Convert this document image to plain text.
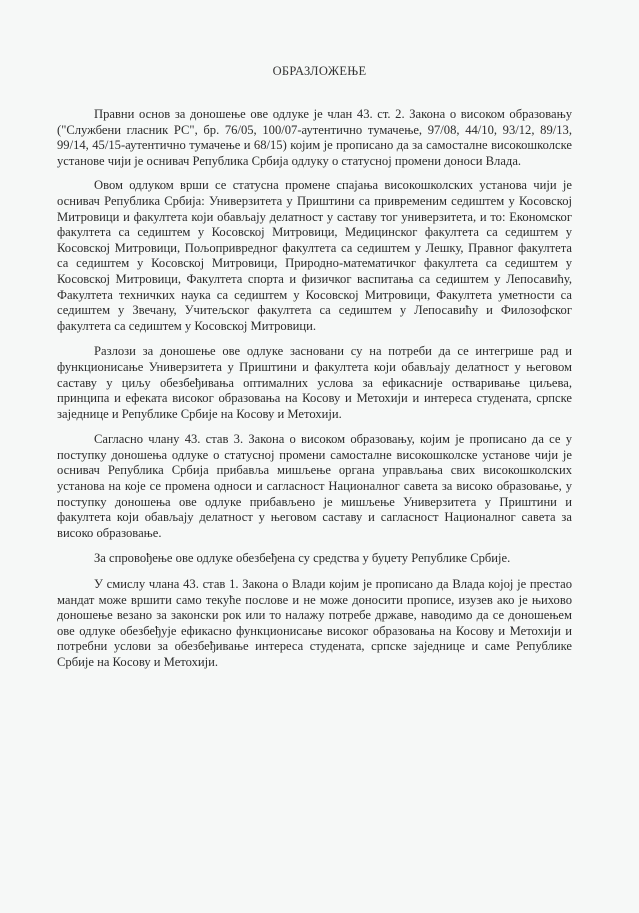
ОБРАЗЛОЖЕЊЕ

Правни основ за доношење ове одлуке је члан 43. ст. 2. Закона о високом образовању ("Службени гласник РС", бр. 76/05, 100/07-аутентично тумачење, 97/08, 44/10, 93/12, 89/13, 99/14, 45/15-аутентично тумачење и 68/15) којим је прописано да за самосталне високошколске установе чији је оснивач Република Србија одлуку о статусној промени доноси Влада.

Овом одлуком врши се статусна промене спајања високошколских установа чији је оснивач Република Србија: Универзитета у Приштини са привременим седиштем у Косовској Митровици и факултета који обављају делатност у саставу тог универзитета, и то: Економског факултета са седиштем у Косовској Митровици, Медицинског факултета са седиштем у Косовској Митровици, Пољопривредног факултета са седиштем у Лешку, Правног факултета са седиштем у Косовској Митровици, Природно-математичког факултета са седиштем у Косовској Митровици, Факултета спорта и физичког васпитања са седиштем у Лепосавићу, Факултета техничких наука са седиштем у Косовској Митровици, Факултета уметности са седиштем у Звечану, Учитељског факултета са седиштем у Лепосавићу и Филозофског факултета са седиштем у Косовској Митровици.

Разлози за доношење ове одлуке засновани су на потреби да се интегрише рад и функционисање Универзитета у Приштини и факултета који обављају делатност у његовом саставу у циљу обезбеђивања оптималних услова за ефикасније остваривање циљева, принципа и ефеката високог образовања на Косову и Метохији и интереса студената, српске заједнице и Републике Србије на Косову и Метохији.

Сагласно члану 43. став 3. Закона о високом образовању, којим је прописано да се у поступку доношења одлуке о статусној промени самосталне високошколске установе чији је оснивач Република Србија прибавља мишљење органа управљања свих високошколских установа на које се промена односи и сагласност Националног савета за високо образовање, у поступку доношења ове одлуке прибављено је мишљење Универзитета у Приштини и факултета који обављају делатност у његовом саставу и сагласност Националног савета за високо образовање.

За спровођење ове одлуке обезбеђена су средства у буџету Републике Србије.

У смислу члана 43. став 1. Закона о Влади којим је прописано да Влада којој је престао мандат може вршити само текуће послове и не може доносити прописе, изузев ако је њихово доношење везано за законски рок или то налажу потребе државе, наводимо да се доношењем ове одлуке обезбеђује ефикасно функционисање високог образовања на Косову и Метохији и потребни услови за обезбеђивање интереса студената, српске заједнице и саме Републике Србије на Косову и Метохији.
